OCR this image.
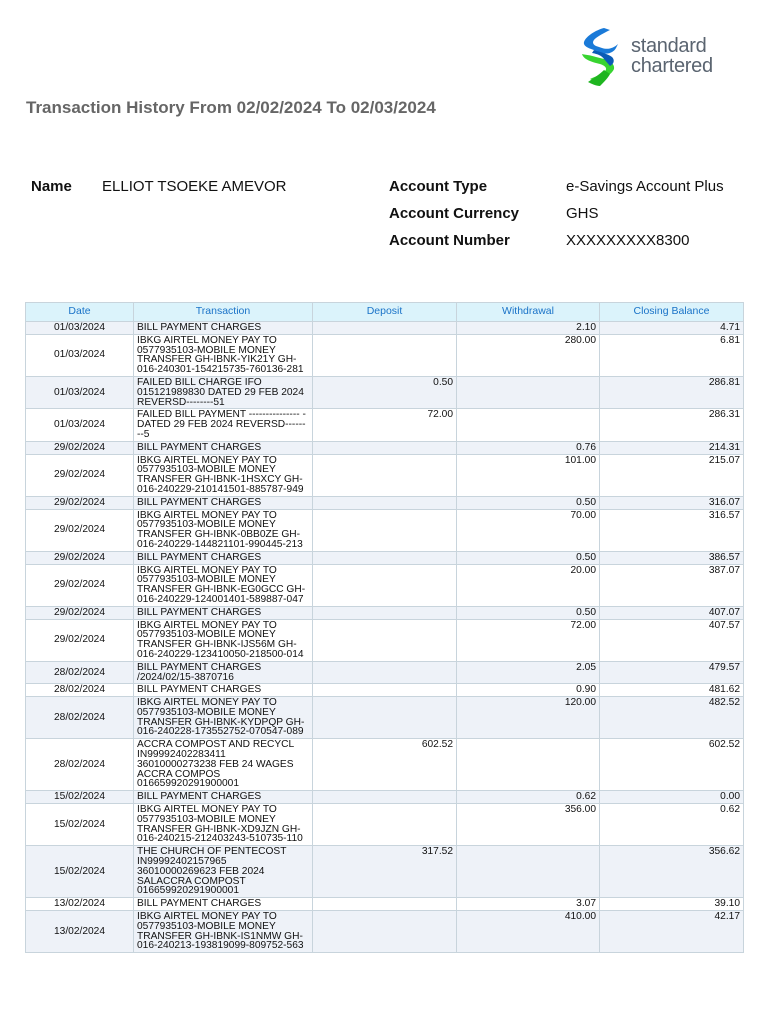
standard
chartered
Transaction History From 02/02/2024 To 02/03/2024
Name ELLIOT TSOEKE AMEVOR	Account Type	e-Savings Account Plus
Account Currency	GHS
Account Number	XXXXXXXXX8300
Date	Transaction	Deposit	Withdrawal	Closing Balance
01/03/2024	BILL PAYMENT CHARGES		2.10	4.71
01/03/2024	IBKG AIRTEL MONEY PAY TO
0577935103-MOBILE MONEY
TRANSFER GH-IBNK-YIK21Y GH-
016-240301-154215735-760136-281		280.00	6.81
01/03/2024	FAILED BILL CHARGE IFO
015121989830 DATED 29 FEB 2024
REVERSD--------51	0.50		286.81
01/03/2024	FAILED BILL PAYMENT --------------- -
DATED 29 FEB 2024 REVERSD------
--5	72.00		286.31
29/02/2024	BILL PAYMENT CHARGES		0.76	214.31
29/02/2024	IBKG AIRTEL MONEY PAY TO
0577935103-MOBILE MONEY
TRANSFER GH-IBNK-1HSXCY GH-
016-240229-210141501-885787-949		101.00	215.07
29/02/2024	BILL PAYMENT CHARGES		0.50	316.07
29/02/2024	IBKG AIRTEL MONEY PAY TO
0577935103-MOBILE MONEY
TRANSFER GH-IBNK-0BB0ZE GH-
016-240229-144821101-990445-213		70.00	316.57
29/02/2024	BILL PAYMENT CHARGES		0.50	386.57
29/02/2024	IBKG AIRTEL MONEY PAY TO
0577935103-MOBILE MONEY
TRANSFER GH-IBNK-EG0GCC GH-
016-240229-124001401-589887-047		20.00	387.07
29/02/2024	BILL PAYMENT CHARGES		0.50	407.07
29/02/2024	IBKG AIRTEL MONEY PAY TO
0577935103-MOBILE MONEY
TRANSFER GH-IBNK-IJS56M GH-
016-240229-123410050-218500-014		72.00	407.57
28/02/2024	BILL PAYMENT CHARGES
/2024/02/15-3870716		2.05	479.57
28/02/2024	BILL PAYMENT CHARGES		0.90	481.62
28/02/2024	IBKG AIRTEL MONEY PAY TO
0577935103-MOBILE MONEY
TRANSFER GH-IBNK-KYDPQP GH-
016-240228-173552752-070547-089		120.00	482.52
28/02/2024	ACCRA COMPOST AND RECYCL
IN99992402283411
36010000273238 FEB 24 WAGES
ACCRA COMPOS
016659920291900001	602.52		602.52
15/02/2024	BILL PAYMENT CHARGES		0.62	0.00
15/02/2024	IBKG AIRTEL MONEY PAY TO
0577935103-MOBILE MONEY
TRANSFER GH-IBNK-XD9JZN GH-
016-240215-212403243-510735-110		356.00	0.62
15/02/2024	THE CHURCH OF PENTECOST
IN99992402157965
36010000269623 FEB 2024
SALACCRA COMPOST
016659920291900001	317.52		356.62
13/02/2024	BILL PAYMENT CHARGES		3.07	39.10
13/02/2024	IBKG AIRTEL MONEY PAY TO
0577935103-MOBILE MONEY
TRANSFER GH-IBNK-IS1NMW GH-
016-240213-193819099-809752-563		410.00	42.17
